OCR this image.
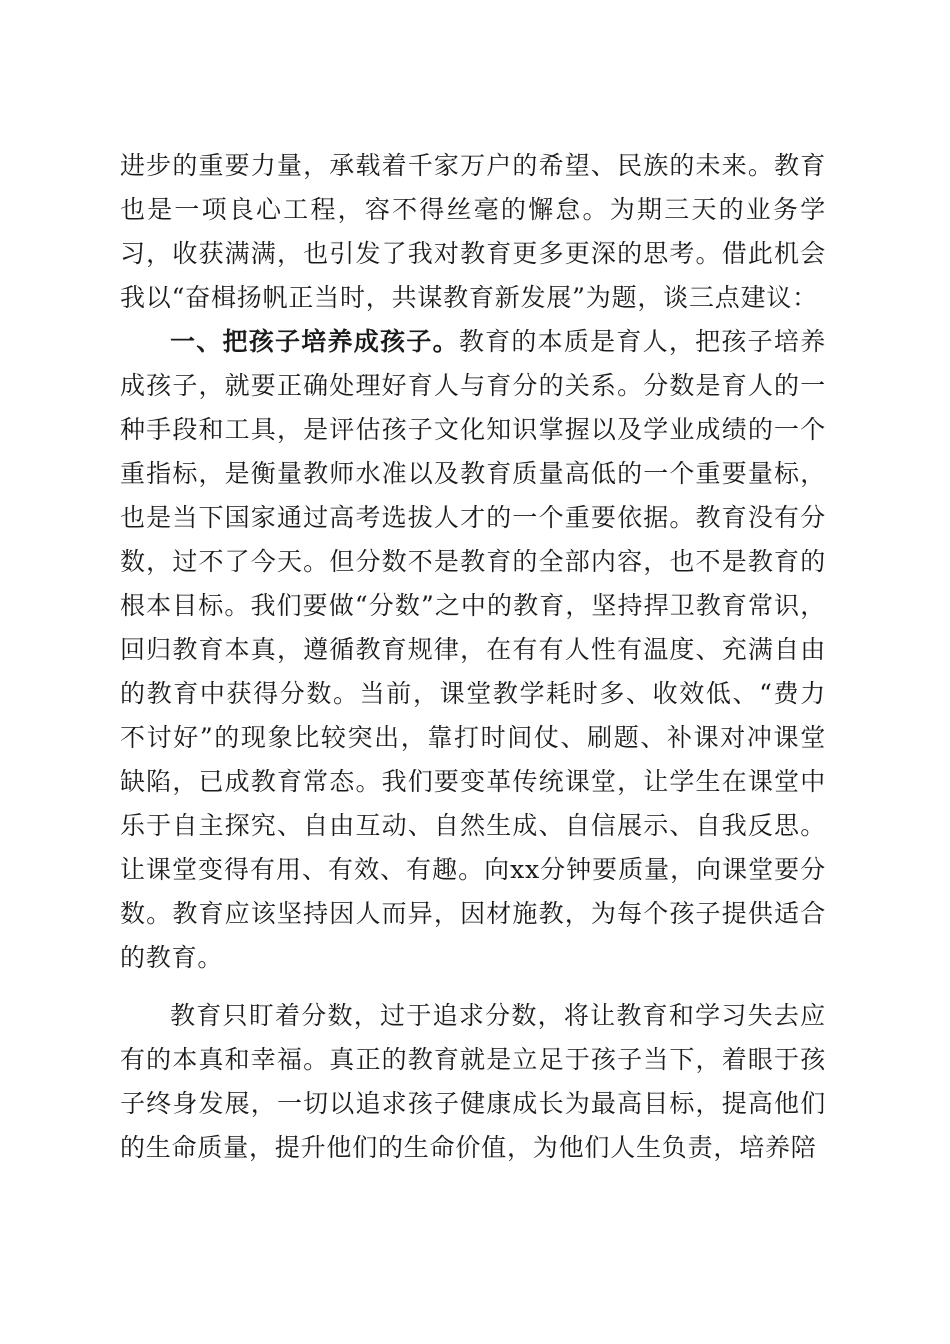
进步的重要力量，承载着千家万户的希望、民族的未来。教育也是一项良心工程，容不得丝毫的懈怠。为期三天的业务学习，收获满满，也引发了我对教育更多更深的思考。借此机会我以“奋楫扬帆正当时，共谋教育新发展”为题，谈三点建议：

一、把孩子培养成孩子。教育的本质是育人，把孩子培养成孩子，就要正确处理好育人与育分的关系。分数是育人的一种手段和工具，是评估孩子文化知识掌握以及学业成绩的一个重指标，是衡量教师水准以及教育质量高低的一个重要量标，也是当下国家通过高考选拔人才的一个重要依据。教育没有分数，过不了今天。但分数不是教育的全部内容，也不是教育的根本目标。我们要做“分数”之中的教育，坚持捍卫教育常识，回归教育本真，遵循教育规律，在有有人性有温度、充满自由的教育中获得分数。当前，课堂教学耗时多、收效低、“费力不讨好”的现象比较突出，靠打时间仗、刷题、补课对冲课堂缺陷，已成教育常态。我们要变革传统课堂，让学生在课堂中乐于自主探究、自由互动、自然生成、自信展示、自我反思。让课堂变得有用、有效、有趣。向xx分钟要质量，向课堂要分数。教育应该坚持因人而异，因材施教，为每个孩子提供适合的教育。

教育只盯着分数，过于追求分数，将让教育和学习失去应有的本真和幸福。真正的教育就是立足于孩子当下，着眼于孩子终身发展，一切以追求孩子健康成长为最高目标，提高他们的生命质量，提升他们的生命价值，为他们人生负责，培养陪
